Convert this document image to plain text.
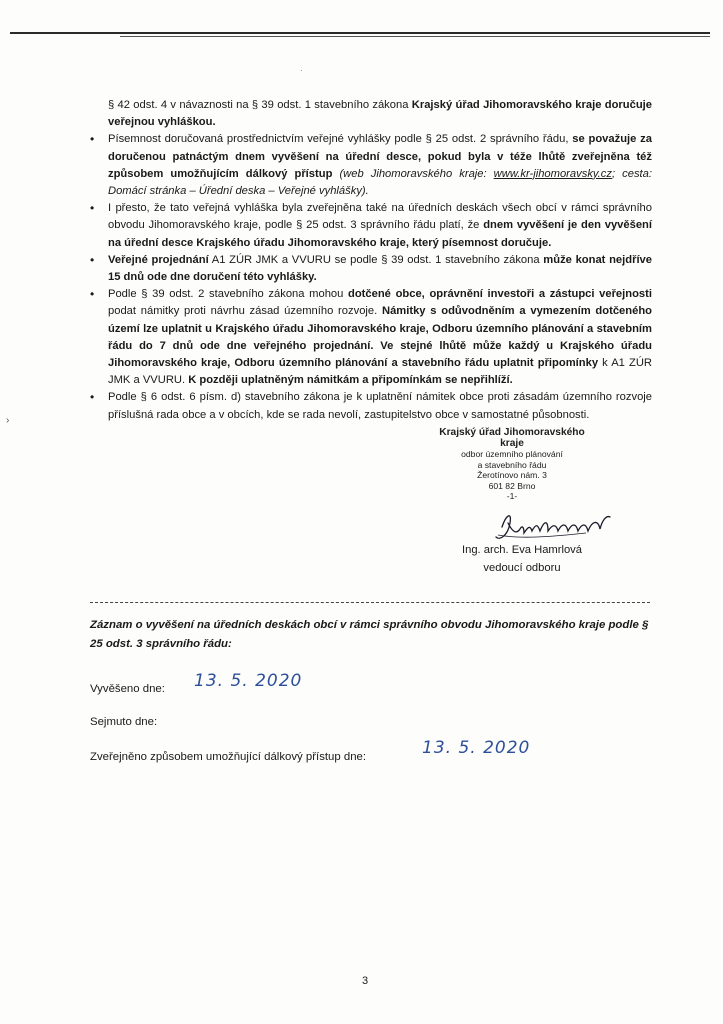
·
›
§ 42 odst. 4 v návaznosti na § 39 odst. 1 stavebního zákona Krajský úřad Jihomoravského kraje doručuje veřejnou vyhláškou.
• Písemnost doručovaná prostřednictvím veřejné vyhlášky podle § 25 odst. 2 správního řádu, se považuje za doručenou patnáctým dnem vyvěšení na úřední desce, pokud byla v téže lhůtě zveřejněna též způsobem umožňujícím dálkový přístup (web Jihomoravského kraje: www.kr-jihomoravsky.cz; cesta: Domácí stránka – Úřední deska – Veřejné vyhlášky).
• I přesto, že tato veřejná vyhláška byla zveřejněna také na úředních deskách všech obcí v rámci správního obvodu Jihomoravského kraje, podle § 25 odst. 3 správního řádu platí, že dnem vyvěšení je den vyvěšení na úřední desce Krajského úřadu Jihomoravského kraje, který písemnost doručuje.
• Veřejné projednání A1 ZÚR JMK a VVURU se podle § 39 odst. 1 stavebního zákona může konat nejdříve 15 dnů ode dne doručení této vyhlášky.
• Podle § 39 odst. 2 stavebního zákona mohou dotčené obce, oprávnění investoři a zástupci veřejnosti podat námitky proti návrhu zásad územního rozvoje. Námitky s odůvodněním a vymezením dotčeného území lze uplatnit u Krajského úřadu Jihomoravského kraje, Odboru územního plánování a stavebním řádu do 7 dnů ode dne veřejného projednání. Ve stejné lhůtě může každý u Krajského úřadu Jihomoravského kraje, Odboru územního plánování a stavebního řádu uplatnit připomínky k A1 ZÚR JMK a VVURU. K později uplatněným námitkám a připomínkám se nepřihlíží.
• Podle § 6 odst. 6 písm. d) stavebního zákona je k uplatnění námitek obce proti zásadám územního rozvoje příslušná rada obce a v obcích, kde se rada nevolí, zastupitelstvo obce v samostatné působnosti.
Krajský úřad Jihomoravského kraje
odbor územního plánování
a stavebního řádu
Žerotínovo nám. 3
601 82 Brno
-1-
Ing. arch. Eva Hamrlová
vedoucí odboru
Záznam o vyvěšení na úředních deskách obcí v rámci správního obvodu Jihomoravského kraje podle § 25 odst. 3 správního řádu:
Vyvěšeno dne: 13. 5. 2020
Sejmuto dne:
Zveřejněno způsobem umožňující dálkový přístup dne:	13. 5. 2020
3
